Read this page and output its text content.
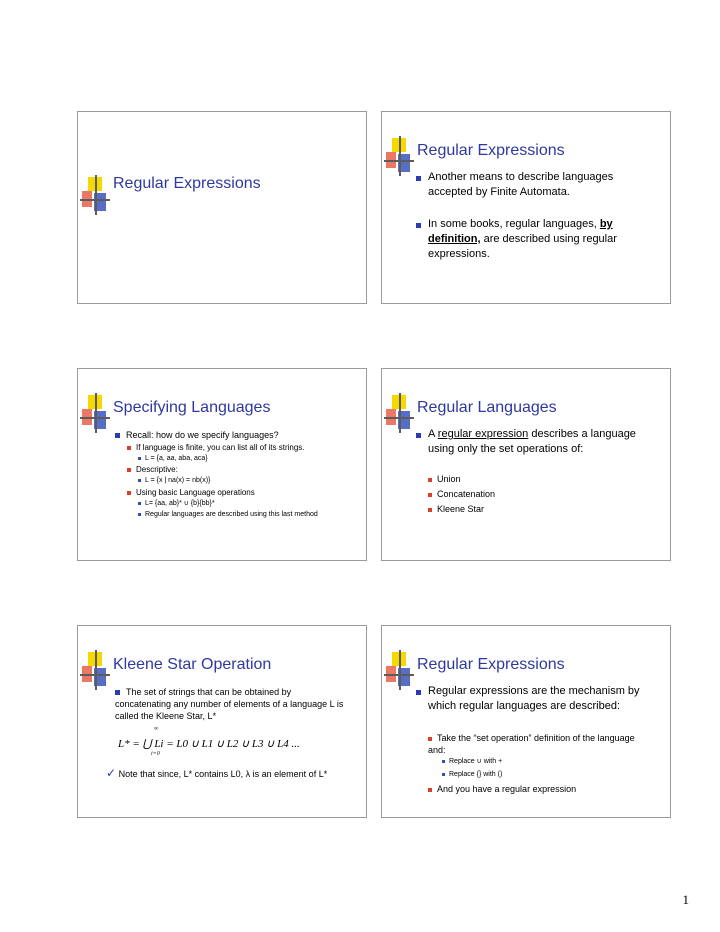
Regular Expressions
Regular Expressions
Another means to describe languages accepted by Finite Automata.
In some books, regular languages, by definition, are described using regular expressions.
Specifying Languages
Recall: how do we specify languages?
If language is finite, you can list all of its strings.
L = {a, aa, aba, aca}
Descriptive:
L = {x | na(x) = nb(x)}
Using basic Language operations
L= {aa, ab}* ∪ {b}{bb}*
Regular languages are described using this last method
Regular Languages
A regular expression describes a language using only the set operations of:
Union
Concatenation
Kleene Star
Kleene Star Operation
The set of strings that can be obtained by concatenating any number of elements of a language L is called the Kleene Star, L*
L* = ⋃ Li = L0 ∪ L1 ∪ L2 ∪ L3 ∪ L4 ...
∞
i=0
✓ Note that since, L* contains L0, λ is an element of L*
Regular Expressions
Regular expressions are the mechanism by which regular languages are described:
Take the “set operation” definition of the language and:
Replace ∪ with +
Replace {} with ()
And you have a regular expression
1
